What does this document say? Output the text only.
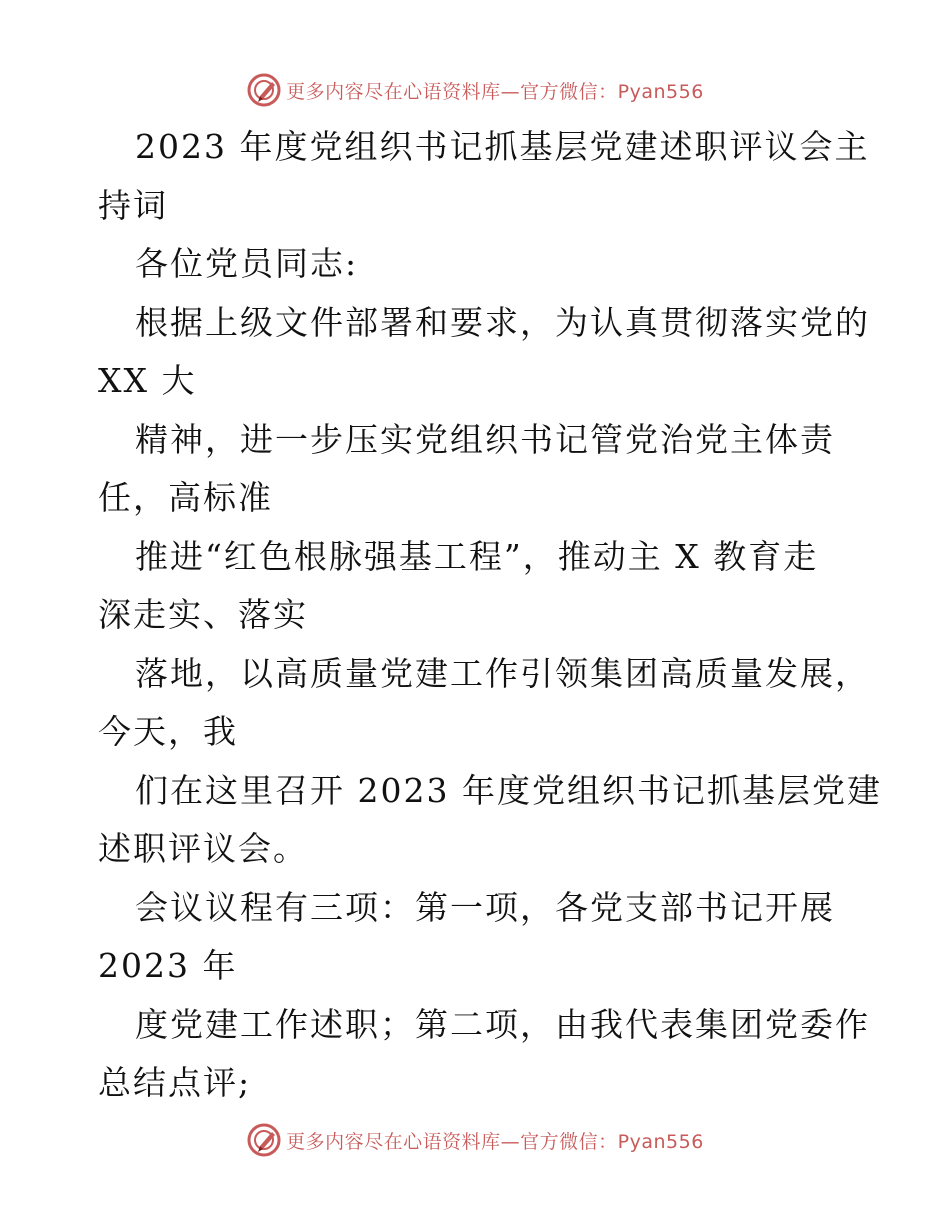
更多内容尽在心语资料库—官方微信：Pyan556
2023 年度党组织书记抓基层党建述职评议会主
持词
各位党员同志:
根据上级文件部署和要求，为认真贯彻落实党的
XX 大
精神，进一步压实党组织书记管党治党主体责
任，高标准
推进“红色根脉强基工程”，推动主 X 教育走
深走实、落实
落地，以高质量党建工作引领集团高质量发展，
今天，我
们在这里召开 2023 年度党组织书记抓基层党建
述职评议会。
会议议程有三项：第一项，各党支部书记开展
2023 年
度党建工作述职；第二项，由我代表集团党委作
总结点评;
更多内容尽在心语资料库—官方微信：Pyan556
